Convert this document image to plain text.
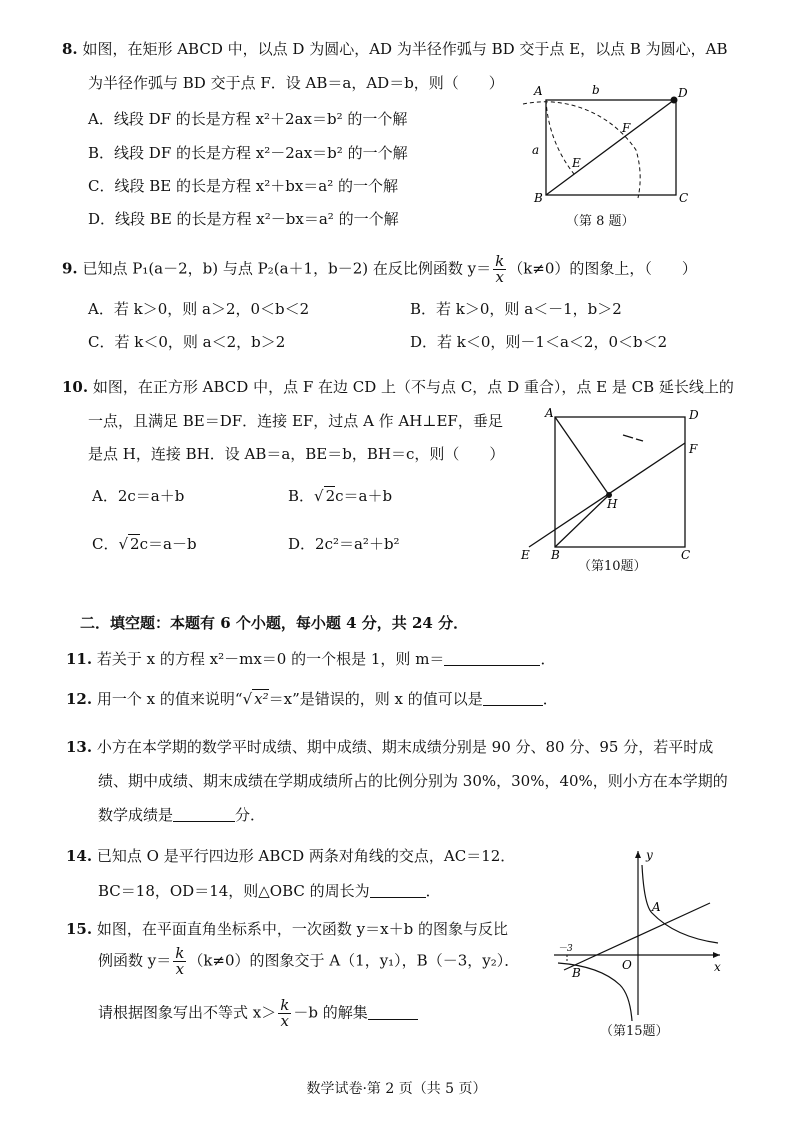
8. 如图，在矩形 ABCD 中，以点 D 为圆心，AD 为半径作弧与 BD 交于点 E，以点 B 为圆心，AB
为半径作弧与 BD 交于点 F．设 AB＝a，AD＝b，则（　　）
A．线段 DF 的长是方程 x²＋2ax＝b² 的一个解
B．线段 DF 的长是方程 x²－2ax＝b² 的一个解
C．线段 BE 的长是方程 x²＋bx＝a² 的一个解
D．线段 BE 的长是方程 x²－bx＝a² 的一个解
A	D
B	C
E
F
a
b
（第 8 题）
9. 已知点 P₁(a－2，b) 与点 P₂(a＋1，b－2) 在反比例函数 $y= \frac{k}{x} (k\ne 0)$的图象上，（　　）
A．若 k＞0，则 a＞2，0＜b＜2	B．若 k＞0，则 a＜－1，b＞2
C．若 k＜0，则 a＜2，b＞2	D．若 k＜0，则－1＜a＜2，0＜b＜2
10. 如图，在正方形 ABCD 中，点 F 在边 CD 上（不与点 C，点 D 重合），点 E 是 CB 延长线上的
一点，且满足 BE＝DF．连接 EF，过点 A 作 AH⊥EF，垂足
是点 H，连接 BH．设 AB＝a，BE＝b，BH＝c，则（　　）
A．2c＝a＋b	B．√ 2c＝a＋b
C．√ 2c＝a－b	D．2c²＝a²＋b²
A	D
F
H
E B	C
（第10题）
二．填空题：本题有 6 个小题，每小题 4 分，共 24 分．
11. 若关于 x 的方程 x²－mx＝0 的一个根是 1，则 m＝	．
12. 用一个 x 的值来说明“√ x²＝x”是错误的，则 x 的值可以是	．
13. 小方在本学期的数学平时成绩、期中成绩、期末成绩分别是 90 分、80 分、95 分，若平时成
绩、期中成绩、期末成绩在学期成绩所占的比例分别为 30%，30%，40%，则小方在本学期的
数学成绩是	分．
14. 已知点 O 是平行四边形 ABCD 两条对角线的交点，AC＝12．
BC＝18，OD＝14，则△OBC 的周长为	．
15. 如图，在平面直角坐标系中，一次函数 y＝x＋b 的图象与反比
例函数 $y= \frac{k}{x} (k\ne 0)$的图象交于 A（1，y₁），B（－3，y₂）．
请根据图象写出不等式 $x> \frac{k}{x} -b$ 的解集
y
x
O
A
B
－3
（第15题）
数学试卷·第 2 页（共 5 页）
